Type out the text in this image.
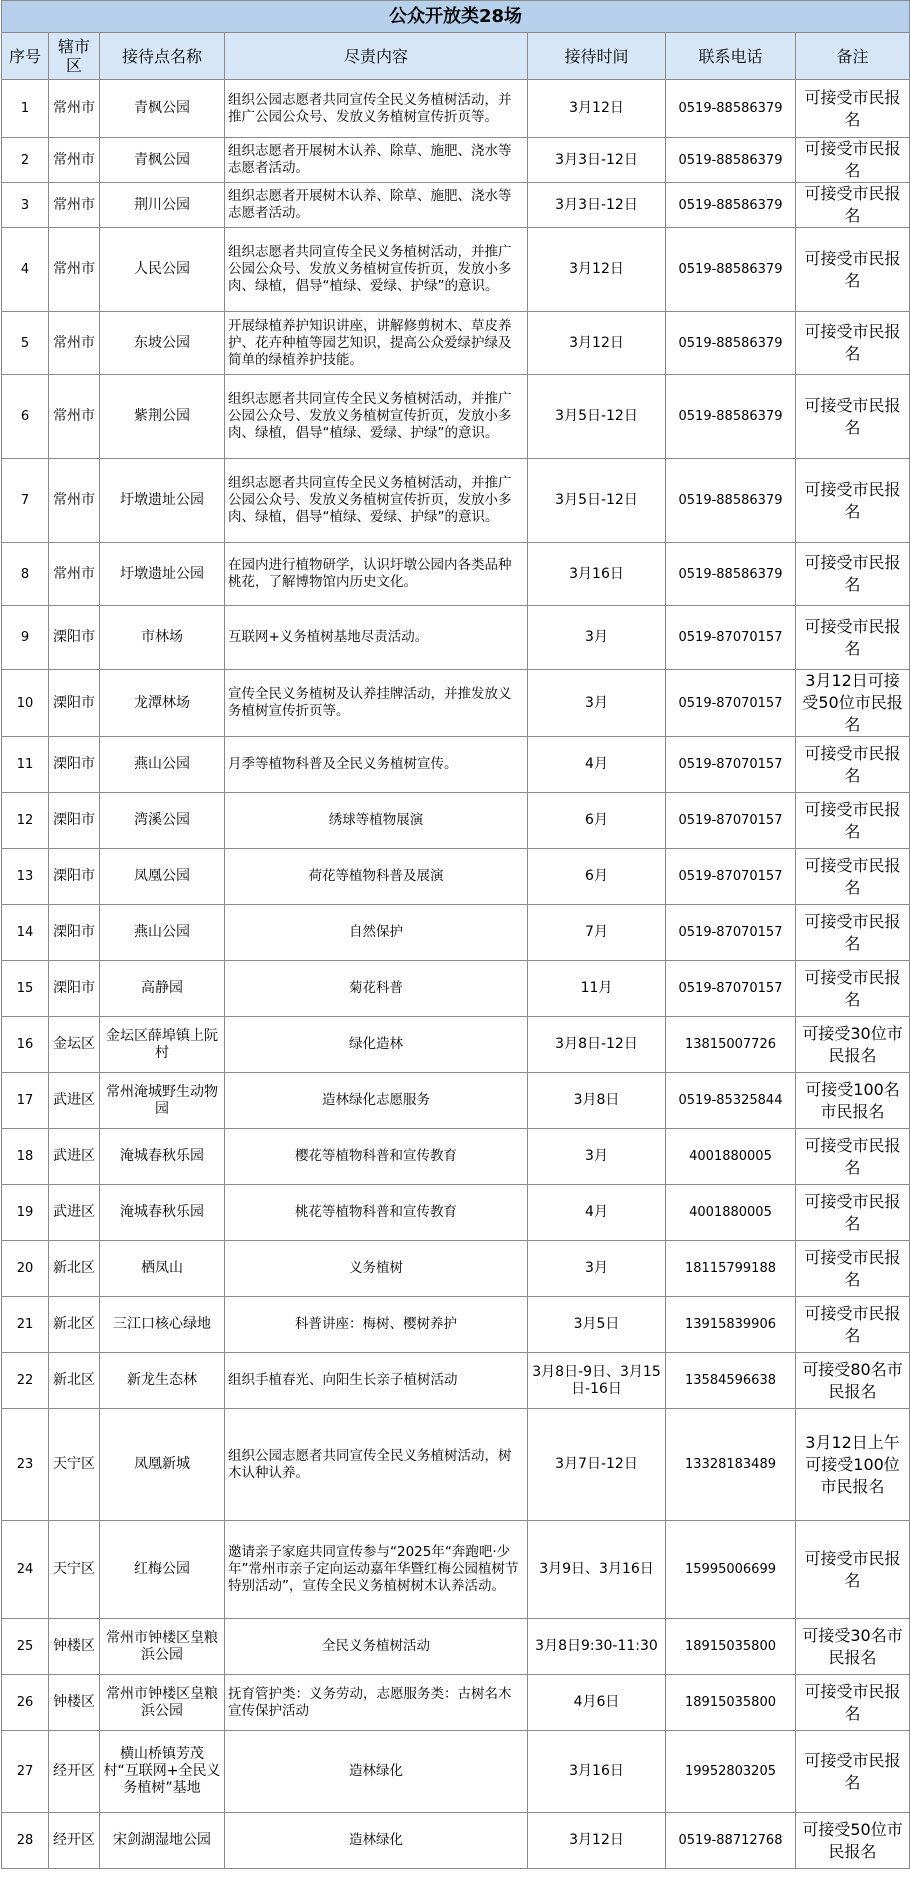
公众开放类28场						
序号	辖市区	接待点名称	尽责内容	接待时间	联系电话	备注
1	常州市	青枫公园	组织公园志愿者共同宣传全民义务植树活动，并推广公园公众号、发放义务植树宣传折页等。	3月12日	0519-88586379	可接受市民报名
2	常州市	青枫公园	组织志愿者开展树木认养、除草、施肥、浇水等志愿者活动。	3月3日-12日	0519-88586379	可接受市民报名
3	常州市	荆川公园	组织志愿者开展树木认养、除草、施肥、浇水等志愿者活动。	3月3日-12日	0519-88586379	可接受市民报名
4	常州市	人民公园	组织志愿者共同宣传全民义务植树活动，并推广公园公众号、发放义务植树宣传折页，发放小多肉、绿植，倡导“植绿、爱绿、护绿”的意识。	3月12日	0519-88586379	可接受市民报名
5	常州市	东坡公园	开展绿植养护知识讲座，讲解修剪树木、草皮养护、花卉种植等园艺知识，提高公众爱绿护绿及简单的绿植养护技能。	3月12日	0519-88586379	可接受市民报名
6	常州市	紫荆公园	组织志愿者共同宣传全民义务植树活动，并推广公园公众号、发放义务植树宣传折页，发放小多肉、绿植，倡导“植绿、爱绿、护绿”的意识。	3月5日-12日	0519-88586379	可接受市民报名
7	常州市	圩墩遗址公园	组织志愿者共同宣传全民义务植树活动，并推广公园公众号、发放义务植树宣传折页，发放小多肉、绿植，倡导“植绿、爱绿、护绿”的意识。	3月5日-12日	0519-88586379	可接受市民报名
8	常州市	圩墩遗址公园	在园内进行植物研学，认识圩墩公园内各类品种桃花，了解博物馆内历史文化。	3月16日	0519-88586379	可接受市民报名
9	溧阳市	市林场	互联网+义务植树基地尽责活动。	3月	0519-87070157	可接受市民报名
10	溧阳市	龙潭林场	宣传全民义务植树及认养挂牌活动，并推发放义务植树宣传折页等。	3月	0519-87070157	3月12日可接受50位市民报名
11	溧阳市	燕山公园	月季等植物科普及全民义务植树宣传。	4月	0519-87070157	可接受市民报名
12	溧阳市	湾溪公园	绣球等植物展演	6月	0519-87070157	可接受市民报名
13	溧阳市	凤凰公园	荷花等植物科普及展演	6月	0519-87070157	可接受市民报名
14	溧阳市	燕山公园	自然保护	7月	0519-87070157	可接受市民报名
15	溧阳市	高静园	菊花科普	11月	0519-87070157	可接受市民报名
16	金坛区	金坛区薛埠镇上阮村	绿化造林	3月8日-12日	13815007726	可接受30位市民报名
17	武进区	常州淹城野生动物园	造林绿化志愿服务	3月8日	0519-85325844	可接受100名市民报名
18	武进区	淹城春秋乐园	樱花等植物科普和宣传教育	3月	4001880005	可接受市民报名
19	武进区	淹城春秋乐园	桃花等植物科普和宣传教育	4月	4001880005	可接受市民报名
20	新北区	栖凤山	义务植树	3月	18115799188	可接受市民报名
21	新北区	三江口核心绿地	科普讲座：梅树、樱树养护	3月5日	13915839906	可接受市民报名
22	新北区	新龙生态林	组织手植春光、向阳生长亲子植树活动	3月8日-9日、3月15日-16日	13584596638	可接受80名市民报名
23	天宁区	凤凰新城	组织公园志愿者共同宣传全民义务植树活动，树木认种认养。	3月7日-12日	13328183489	3月12日上午可接受100位市民报名
24	天宁区	红梅公园	邀请亲子家庭共同宣传参与“2025年“奔跑吧·少年”常州市亲子定向运动嘉年华暨红梅公园植树节特别活动”，宣传全民义务植树树木认养活动。	3月9日、3月16日	15995006699	可接受市民报名
25	钟楼区	常州市钟楼区皇粮浜公园	全民义务植树活动	3月8日9:30-11:30	18915035800	可接受30名市民报名
26	钟楼区	常州市钟楼区皇粮浜公园	抚育管护类：义务劳动，志愿服务类：古树名木宣传保护活动	4月6日	18915035800	可接受市民报名
27	经开区	横山桥镇芳茂村“互联网+全民义务植树”基地	造林绿化	3月16日	19952803205	可接受市民报名
28	经开区	宋剑湖湿地公园	造林绿化	3月12日	0519-88712768	可接受50位市民报名
